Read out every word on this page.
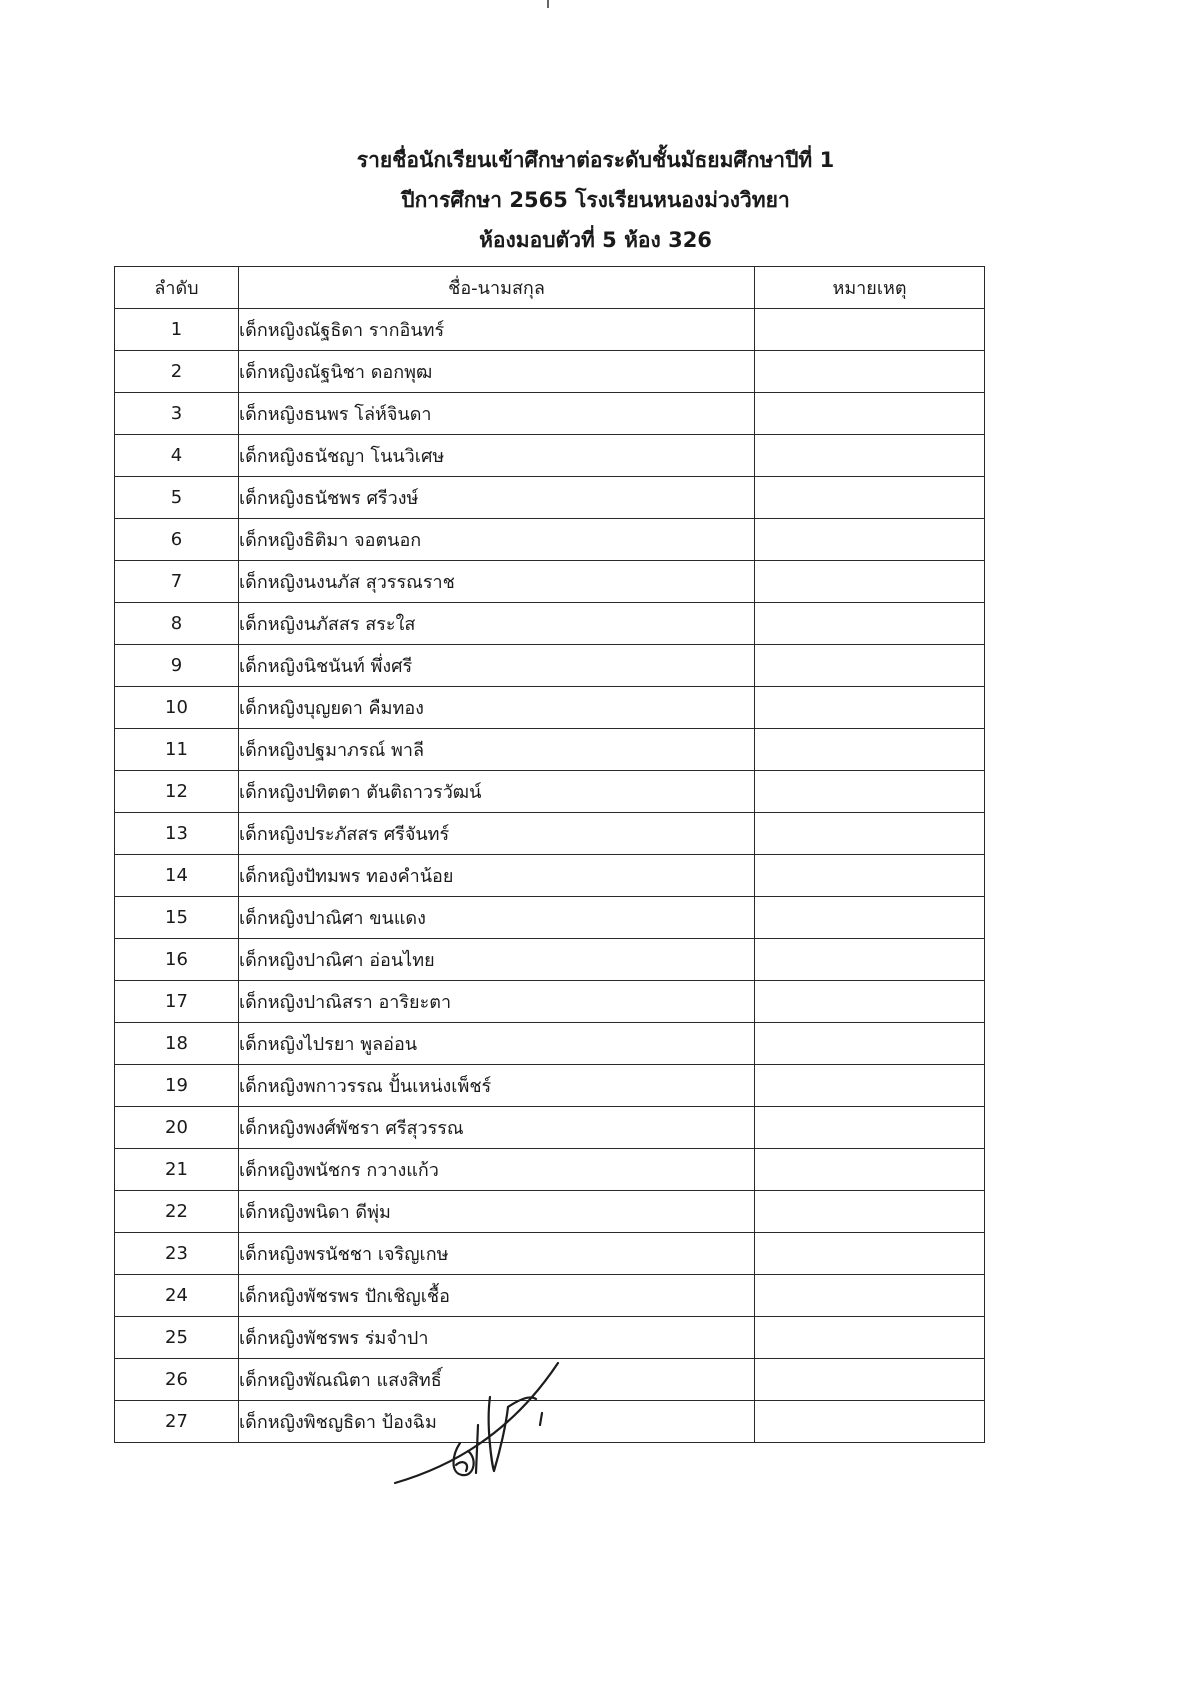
รายชื่อนักเรียนเข้าศึกษาต่อระดับชั้นมัธยมศึกษาปีที่ 1
ปีการศึกษา 2565 โรงเรียนหนองม่วงวิทยา
ห้องมอบตัวที่ 5 ห้อง 326
ลำดับ	ชื่อ-นามสกุล	หมายเหตุ
1	เด็กหญิงณัฐธิดา รากอินทร์	
2	เด็กหญิงณัฐนิชา ดอกพุฒ	
3	เด็กหญิงธนพร โล่ห์จินดา	
4	เด็กหญิงธนัชญา โนนวิเศษ	
5	เด็กหญิงธนัชพร ศรีวงษ์	
6	เด็กหญิงธิติมา จอตนอก	
7	เด็กหญิงนงนภัส สุวรรณราช	
8	เด็กหญิงนภัสสร สระใส	
9	เด็กหญิงนิชนันท์ พึ่งศรี	
10	เด็กหญิงบุญยดา คืมทอง	
11	เด็กหญิงปฐมาภรณ์ พาลี	
12	เด็กหญิงปทิตตา ตันติถาวรวัฒน์	
13	เด็กหญิงประภัสสร ศรีจันทร์	
14	เด็กหญิงปัทมพร ทองคำน้อย	
15	เด็กหญิงปาณิศา ขนแดง	
16	เด็กหญิงปาณิศา อ่อนไทย	
17	เด็กหญิงปาณิสรา อาริยะตา	
18	เด็กหญิงไปรยา พูลอ่อน	
19	เด็กหญิงพกาวรรณ ปั้นเหน่งเพ็ชร์	
20	เด็กหญิงพงศ์พัชรา ศรีสุวรรณ	
21	เด็กหญิงพนัชกร กวางแก้ว	
22	เด็กหญิงพนิดา ดีพุ่ม	
23	เด็กหญิงพรนัชชา เจริญเกษ	
24	เด็กหญิงพัชรพร ปักเชิญเชื้อ	
25	เด็กหญิงพัชรพร ร่มจำปา	
26	เด็กหญิงพัณณิตา แสงสิทธิ์	
27	เด็กหญิงพิชญธิดา ป้องฉิม	
